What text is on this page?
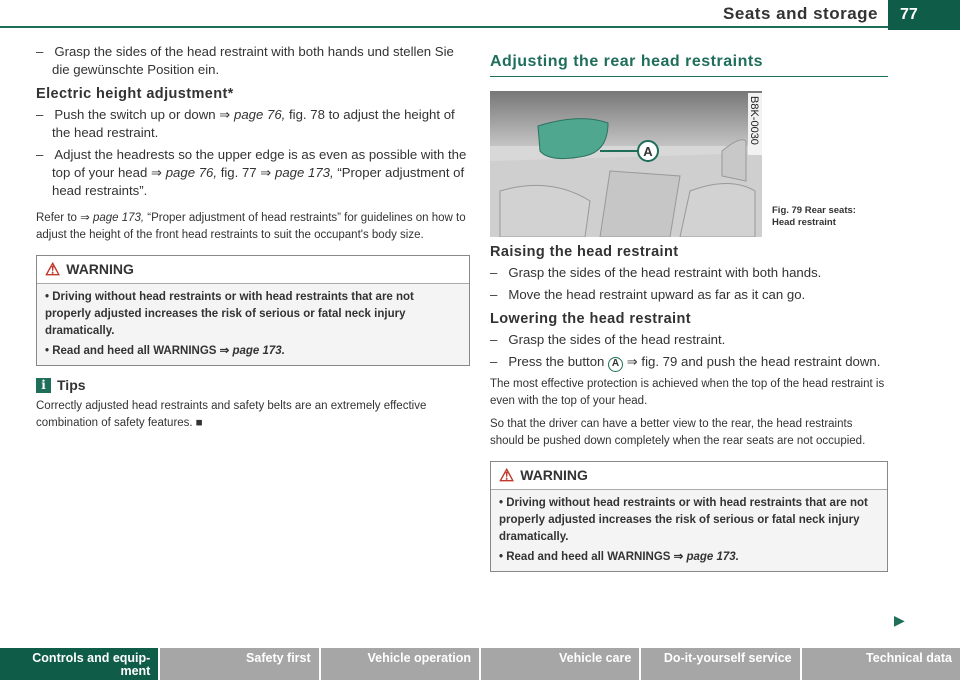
Seats and storage	77

–   Grasp the sides of the head restraint with both hands und stellen Sie die gewünschte Position ein.

Electric height adjustment*

–   Push the switch up or down ⇒ page 76, fig. 78 to adjust the height of the head restraint.

–   Adjust the headrests so the upper edge is as even as possible with the top of your head ⇒ page 76, fig. 77 ⇒ page 173, “Proper adjustment of head restraints”.

Refer to ⇒ page 173, “Proper adjustment of head restraints” for guidelines on how to adjust the height of the front head restraints to suit the occupant's body size.

⚠ WARNING

• Driving without head restraints or with head restraints that are not properly adjusted increases the risk of serious or fatal neck injury dramatically.

• Read and heed all WARNINGS ⇒ page 173.

i Tips

Correctly adjusted head restraints and safety belts are an extremely effective combination of safety features. ■

Adjusting the rear head restraints
A
B8K-0030
Fig. 79 Rear seats: Head restraint

Raising the head restraint

–   Grasp the sides of the head restraint with both hands.

–   Move the head restraint upward as far as it can go.

Lowering the head restraint

–   Grasp the sides of the head restraint.

–   Press the button A ⇒ fig. 79 and push the head restraint down.

The most effective protection is achieved when the top of the head restraint is even with the top of your head.

So that the driver can have a better view to the rear, the head restraints should be pushed down completely when the rear seats are not occupied.

⚠ WARNING

• Driving without head restraints or with head restraints that are not properly adjusted increases the risk of serious or fatal neck injury dramatically.

• Read and heed all WARNINGS ⇒ page 173.

▶
Controls and equip-ment
Safety first	Vehicle operation	Vehicle care	Do-it-yourself service	Technical data
